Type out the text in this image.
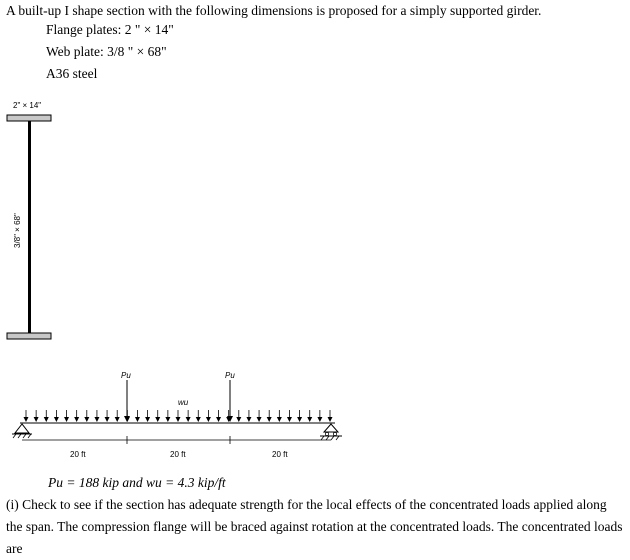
A built-up I shape section with the following dimensions is proposed for a simply supported girder.
Flange plates: 2 " × 14"
Web plate: 3/8 " × 68"
A36 steel
2" × 14"
3/8" × 68"
Pu	Pu
wu
20 ft	20 ft	20 ft
Pu = 188 kip and wu = 4.3 kip/ft
(i) Check to see if the section has adequate strength for the local effects of the concentrated loads applied along the span. The compression flange will be braced against rotation at the concentrated loads. The concentrated loads are
